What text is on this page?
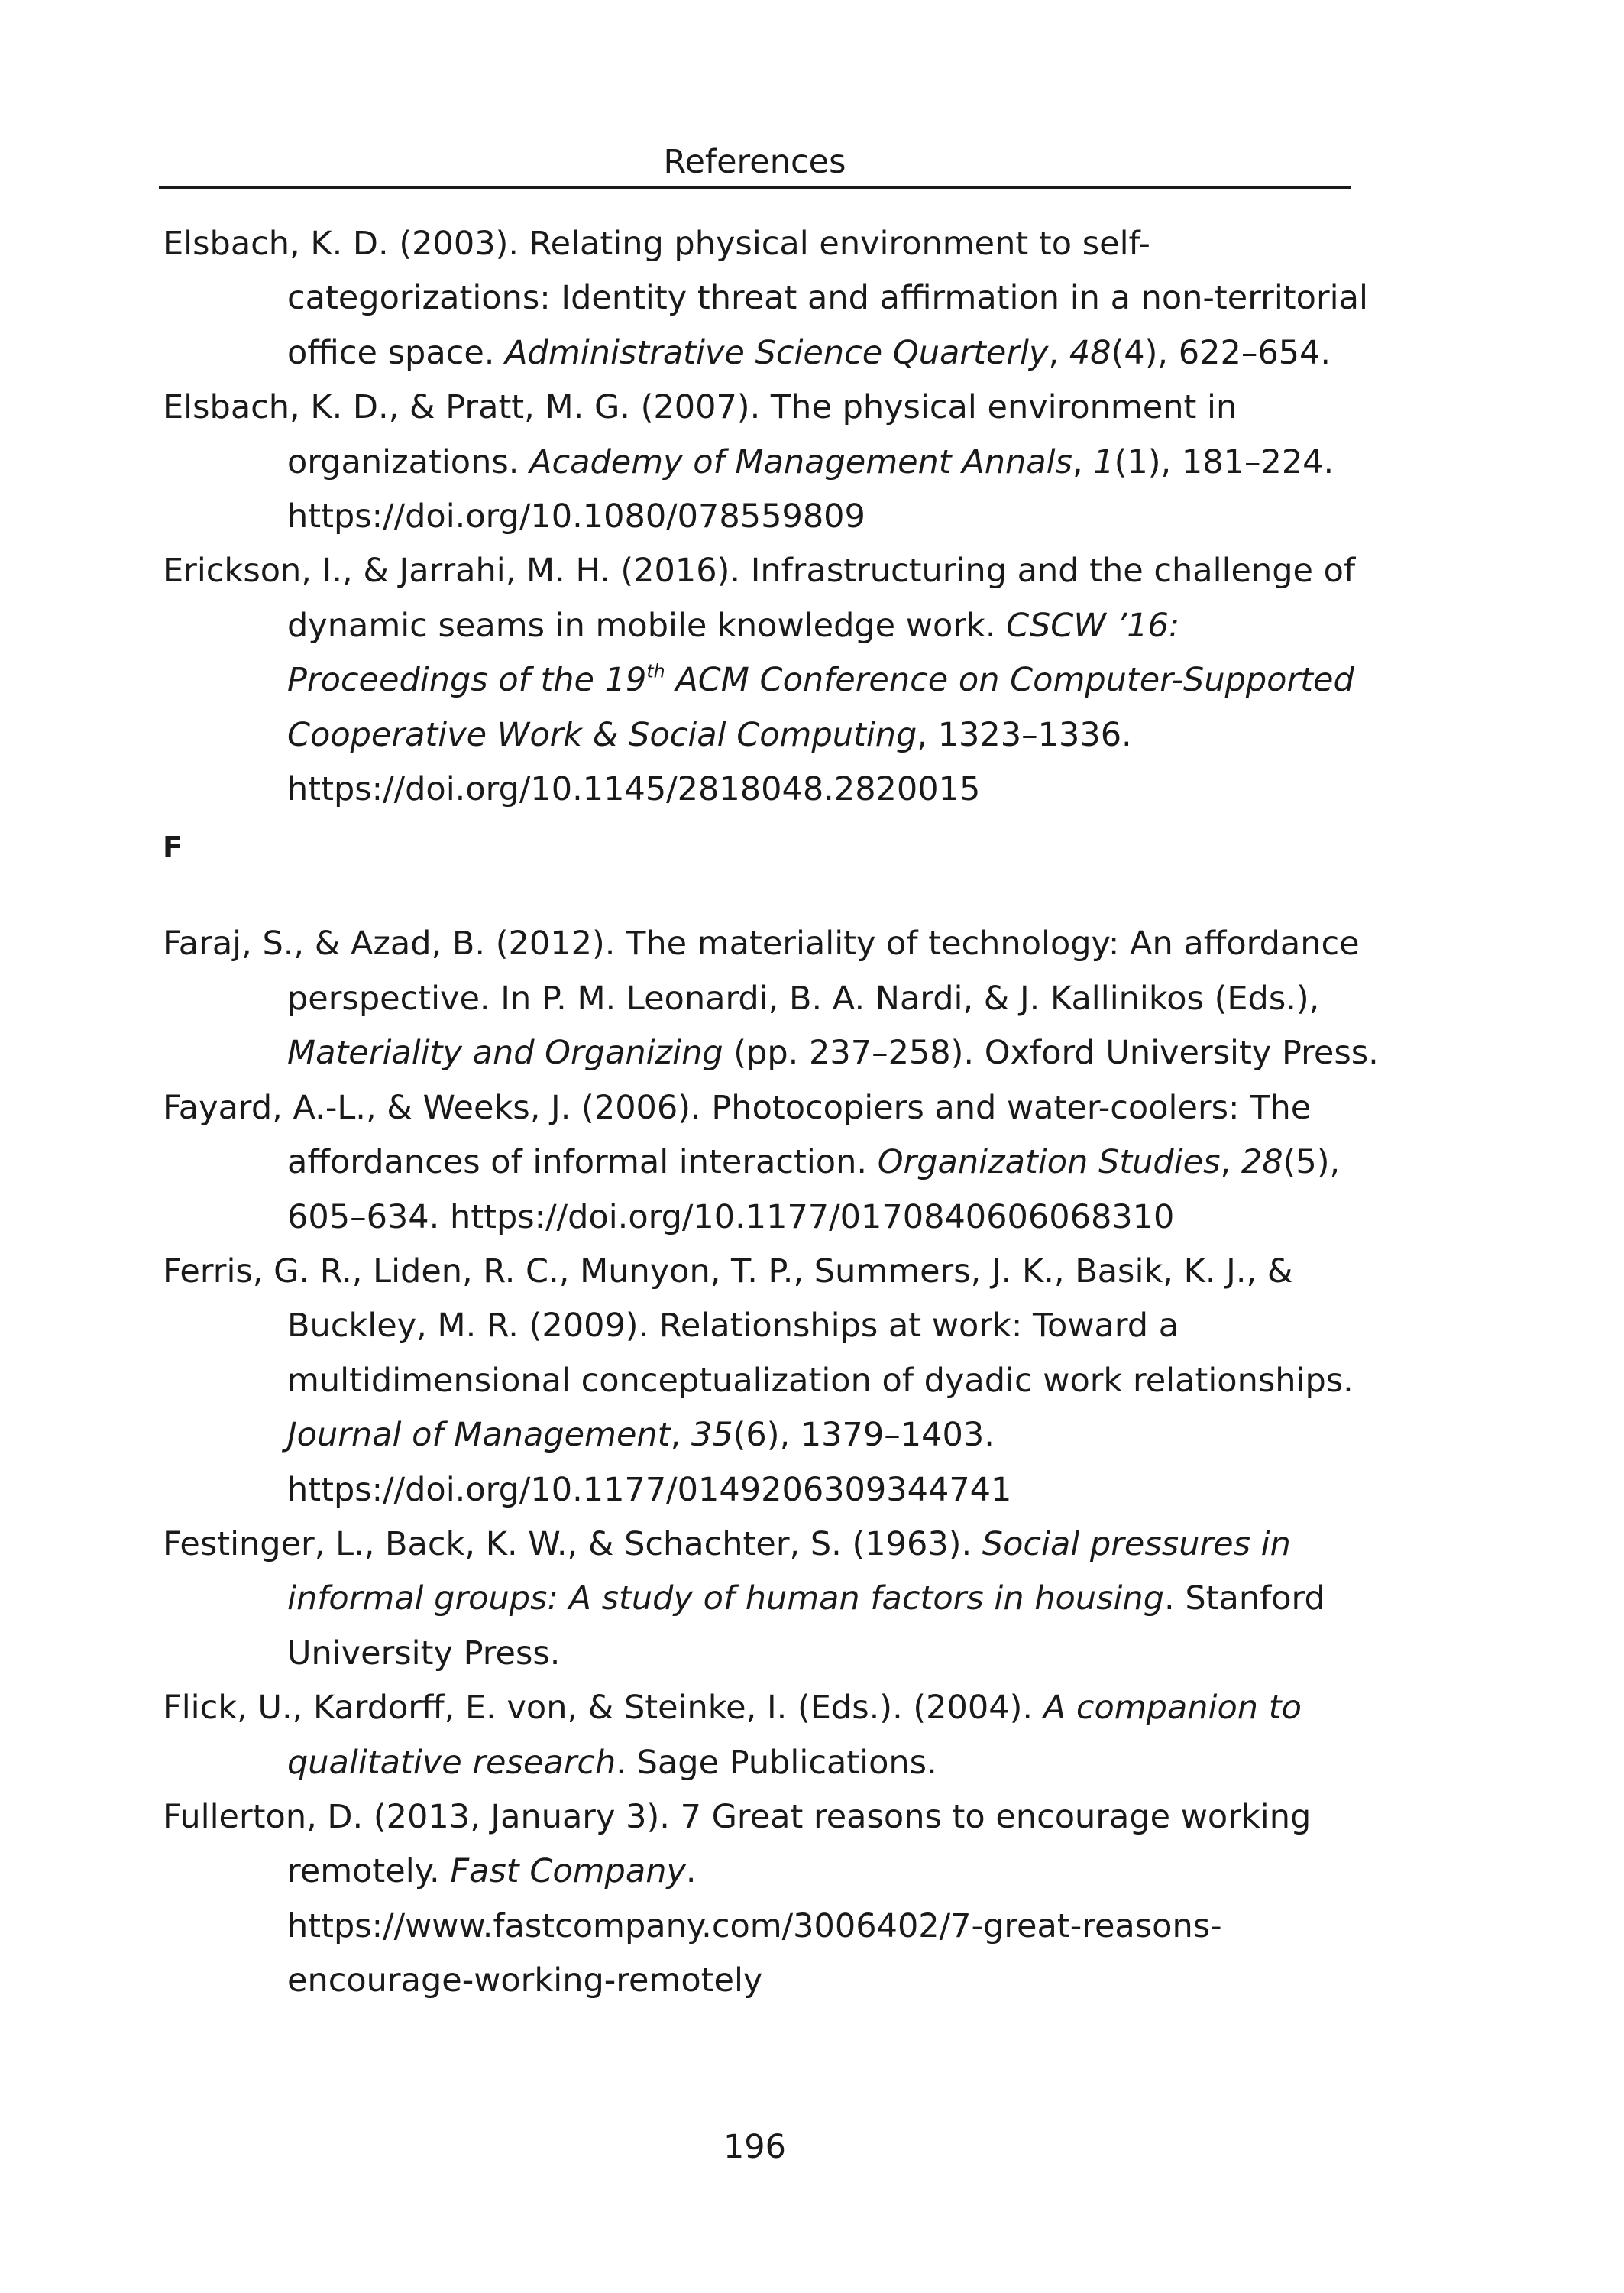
References

Elsbach, K. D. (2003). Relating physical environment to self-
categorizations: Identity threat and affirmation in a non-territorial
office space. Administrative Science Quarterly, 48(4), 622–654.

Elsbach, K. D., & Pratt, M. G. (2007). The physical environment in
organizations. Academy of Management Annals, 1(1), 181–224.
https://doi.org/10.1080/078559809

Erickson, I., & Jarrahi, M. H. (2016). Infrastructuring and the challenge of
dynamic seams in mobile knowledge work. CSCW ’16:
Proceedings of the 19th ACM Conference on Computer-Supported
Cooperative Work & Social Computing, 1323–1336.
https://doi.org/10.1145/2818048.2820015

F

Faraj, S., & Azad, B. (2012). The materiality of technology: An affordance
perspective. In P. M. Leonardi, B. A. Nardi, & J. Kallinikos (Eds.),
Materiality and Organizing (pp. 237–258). Oxford University Press.

Fayard, A.-L., & Weeks, J. (2006). Photocopiers and water-coolers: The
affordances of informal interaction. Organization Studies, 28(5),
605–634. https://doi.org/10.1177/0170840606068310

Ferris, G. R., Liden, R. C., Munyon, T. P., Summers, J. K., Basik, K. J., &
Buckley, M. R. (2009). Relationships at work: Toward a
multidimensional conceptualization of dyadic work relationships.
Journal of Management, 35(6), 1379–1403.
https://doi.org/10.1177/0149206309344741

Festinger, L., Back, K. W., & Schachter, S. (1963). Social pressures in
informal groups: A study of human factors in housing. Stanford
University Press.

Flick, U., Kardorff, E. von, & Steinke, I. (Eds.). (2004). A companion to
qualitative research. Sage Publications.

Fullerton, D. (2013, January 3). 7 Great reasons to encourage working
remotely. Fast Company.
https://www.fastcompany.com/3006402/7-great-reasons-
encourage-working-remotely

196
